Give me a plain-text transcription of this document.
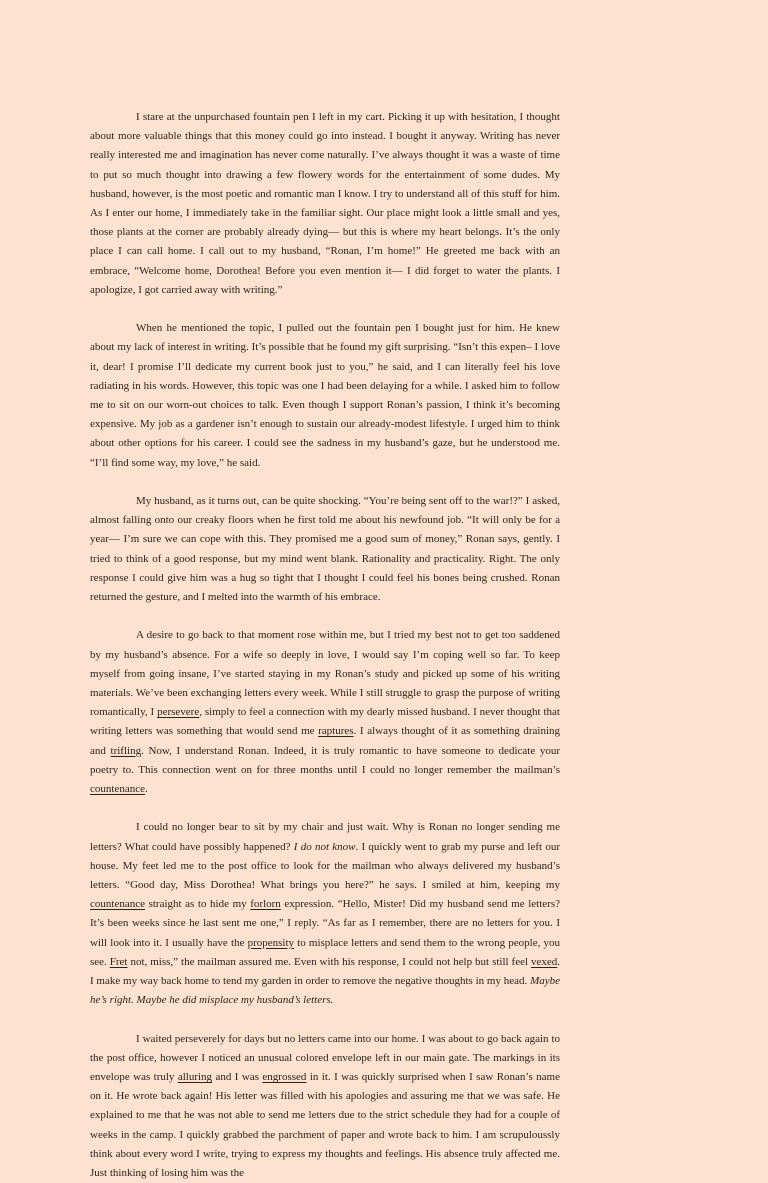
I stare at the unpurchased fountain pen I left in my cart. Picking it up with hesitation, I thought about more valuable things that this money could go into instead. I bought it anyway. Writing has never really interested me and imagination has never come naturally. I’ve always thought it was a waste of time to put so much thought into drawing a few flowery words for the entertainment of some dudes. My husband, however, is the most poetic and romantic man I know. I try to understand all of this stuff for him. As I enter our home, I immediately take in the familiar sight. Our place might look a little small and yes, those plants at the corner are probably already dying— but this is where my heart belongs. It’s the only place I can call home. I call out to my husband, “Ronan, I’m home!” He greeted me back with an embrace, “Welcome home, Dorothea! Before you even mention it— I did forget to water the plants. I apologize, I got carried away with writing.”

When he mentioned the topic, I pulled out the fountain pen I bought just for him. He knew about my lack of interest in writing. It’s possible that he found my gift surprising. “Isn’t this expen– I love it, dear! I promise I’ll dedicate my current book just to you,” he said, and I can literally feel his love radiating in his words. However, this topic was one I had been delaying for a while. I asked him to follow me to sit on our worn-out choices to talk. Even though I support Ronan’s passion, I think it’s becoming expensive. My job as a gardener isn’t enough to sustain our already-modest lifestyle. I urged him to think about other options for his career. I could see the sadness in my husband’s gaze, but he understood me. “I’ll find some way, my love,” he said.

My husband, as it turns out, can be quite shocking. “You’re being sent off to the war!?” I asked, almost falling onto our creaky floors when he first told me about his newfound job. “It will only be for a year— I’m sure we can cope with this. They promised me a good sum of money,” Ronan says, gently. I tried to think of a good response, but my mind went blank. Rationality and practicality. Right. The only response I could give him was a hug so tight that I thought I could feel his bones being crushed. Ronan returned the gesture, and I melted into the warmth of his embrace.

A desire to go back to that moment rose within me, but I tried my best not to get too saddened by my husband’s absence. For a wife so deeply in love, I would say I’m coping well so far. To keep myself from going insane, I’ve started staying in my Ronan’s study and picked up some of his writing materials. We’ve been exchanging letters every week. While I still struggle to grasp the purpose of writing romantically, I persevere, simply to feel a connection with my dearly missed husband. I never thought that writing letters was something that would send me raptures. I always thought of it as something draining and trifling. Now, I understand Ronan. Indeed, it is truly romantic to have someone to dedicate your poetry to. This connection went on for three months until I could no longer remember the mailman’s countenance.

I could no longer bear to sit by my chair and just wait. Why is Ronan no longer sending me letters? What could have possibly happened? I do not know. I quickly went to grab my purse and left our house. My feet led me to the post office to look for the mailman who always delivered my husband’s letters. “Good day, Miss Dorothea! What brings you here?” he says. I smiled at him, keeping my countenance straight as to hide my forlorn expression. “Hello, Mister! Did my husband send me letters? It’s been weeks since he last sent me one,” I reply. “As far as I remember, there are no letters for you. I will look into it. I usually have the propensity to misplace letters and send them to the wrong people, you see. Fret not, miss,” the mailman assured me. Even with his response, I could not help but still feel vexed. I make my way back home to tend my garden in order to remove the negative thoughts in my head. Maybe he’s right. Maybe he did misplace my husband’s letters.

I waited perseverely for days but no letters came into our home. I was about to go back again to the post office, however I noticed an unusual colored envelope left in our main gate. The markings in its envelope was truly alluring and I was engrossed in it. I was quickly surprised when I saw Ronan’s name on it. He wrote back again! His letter was filled with his apologies and assuring me that we was safe. He explained to me that he was not able to send me letters due to the strict schedule they had for a couple of weeks in the camp. I quickly grabbed the parchment of paper and wrote back to him. I am scrupuloussly think about every word I write, trying to express my thoughts and feelings. His absence truly affected me. Just thinking of losing him was the
